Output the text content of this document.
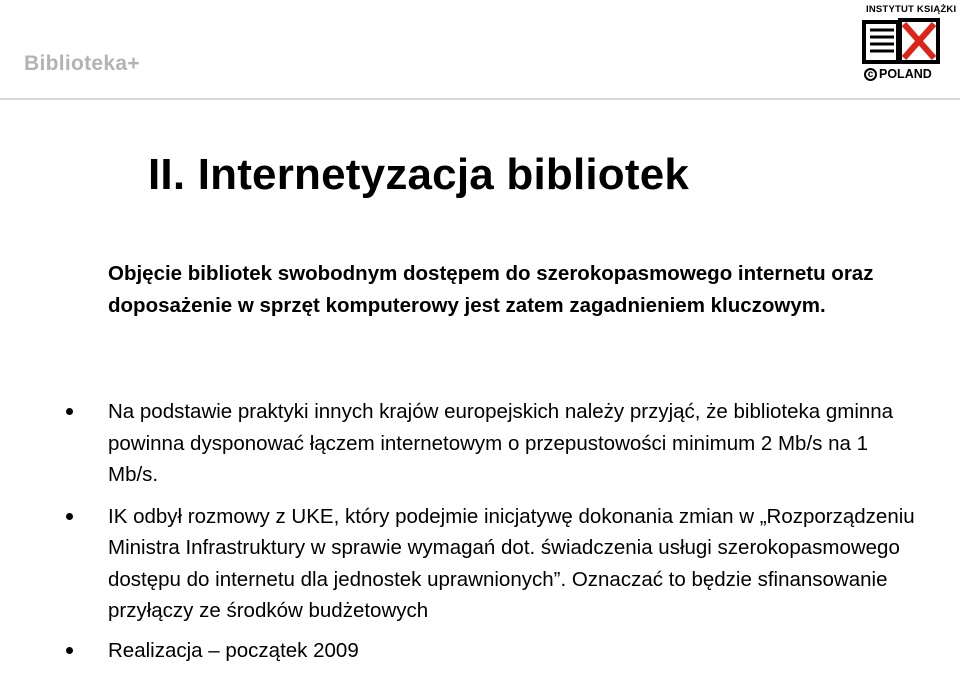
Biblioteka+
INSTYTUT KSIĄŻKI
c POLAND
II. Internetyzacja bibliotek
Objęcie bibliotek swobodnym dostępem do szerokopasmowego internetu oraz doposażenie w sprzęt komputerowy jest zatem zagadnieniem kluczowym.
Na podstawie praktyki innych krajów europejskich należy przyjąć, że biblioteka gminna powinna dysponować łączem internetowym o przepustowości minimum 2 Mb/s na 1 Mb/s.
IK odbył rozmowy z UKE, który podejmie inicjatywę dokonania zmian w „Rozporządzeniu Ministra Infrastruktury w sprawie wymagań dot. świadczenia usługi szerokopasmowego dostępu do internetu dla jednostek uprawnionych”. Oznaczać to będzie sfinansowanie przyłączy ze środków budżetowych
Realizacja – początek 2009
